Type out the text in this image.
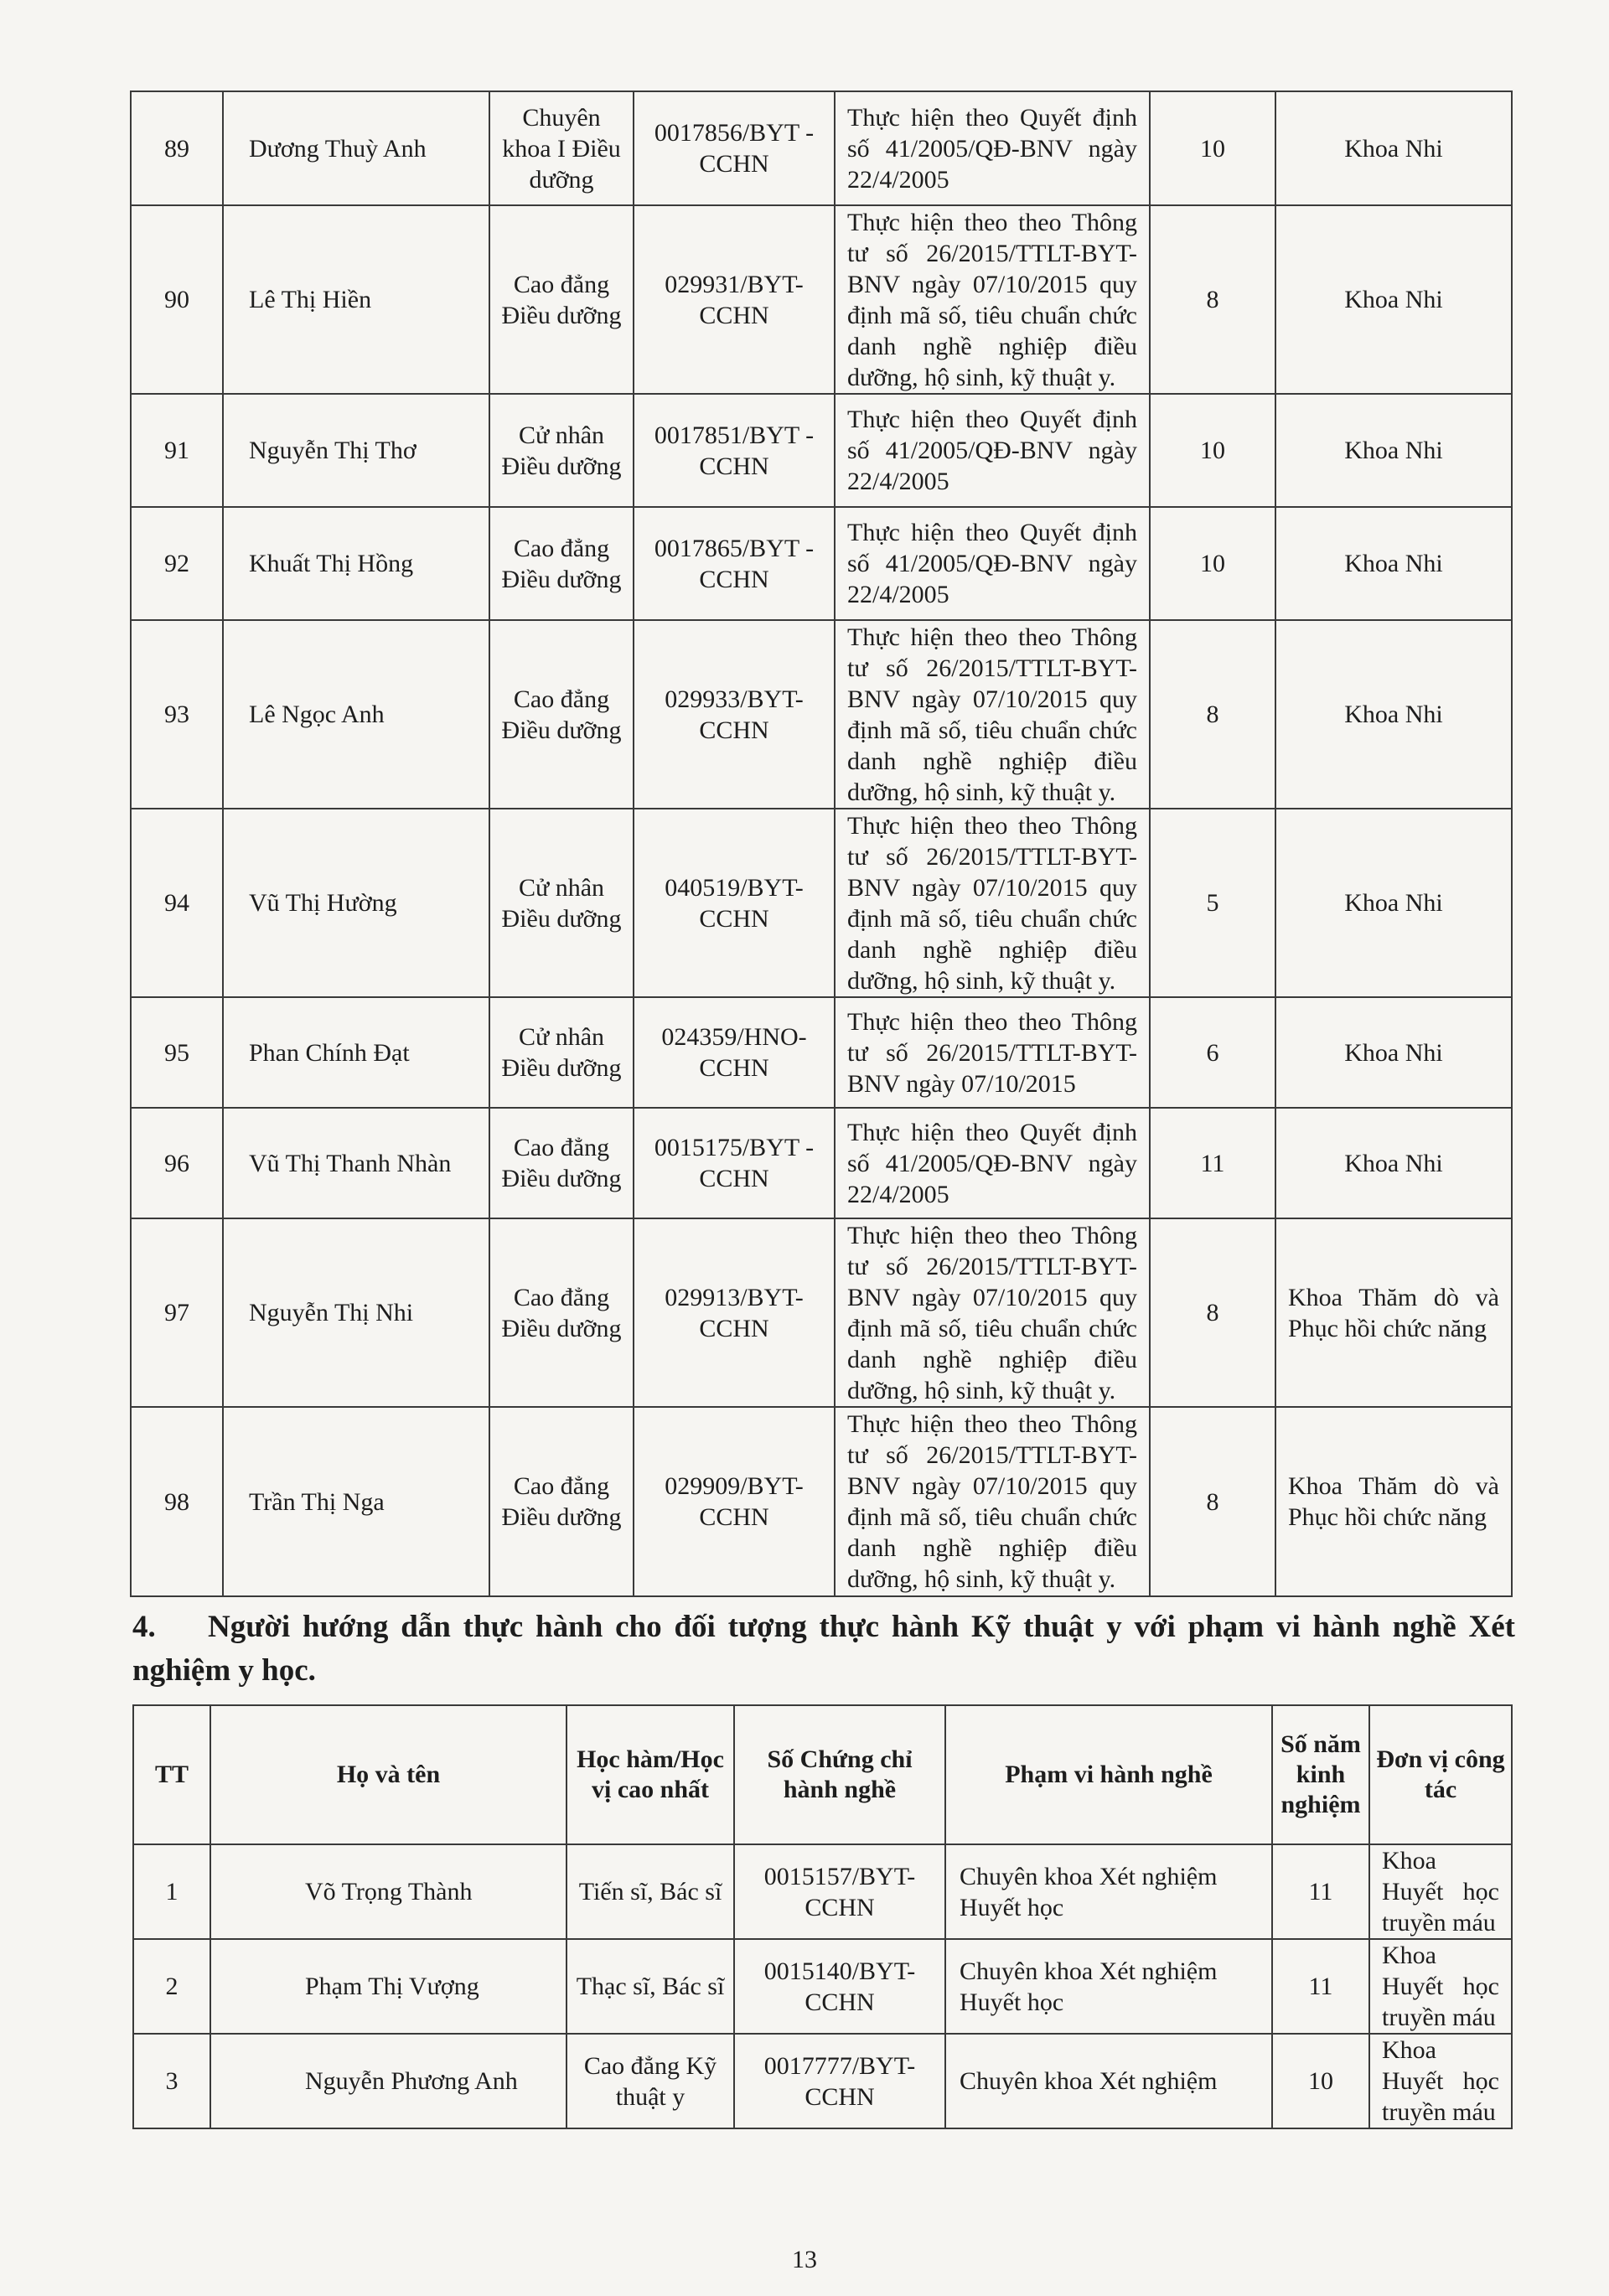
89	Dương Thuỳ Anh	Chuyên khoa I Điều dưỡng	0017856/BYT -CCHN	Thực hiện theo Quyết định số 41/2005/QĐ-BNV ngày 22/4/2005	10	Khoa Nhi
90	Lê Thị Hiền	Cao đẳng Điều dưỡng	029931/BYT-CCHN	Thực hiện theo theo Thông tư số 26/2015/TTLT-BYT-BNV ngày 07/10/2015 quy định mã số, tiêu chuẩn chức danh nghề nghiệp điều dưỡng, hộ sinh, kỹ thuật y.	8	Khoa Nhi
91	Nguyễn Thị Thơ	Cử nhân Điều dưỡng	0017851/BYT -CCHN	Thực hiện theo Quyết định số 41/2005/QĐ-BNV ngày 22/4/2005	10	Khoa Nhi
92	Khuất Thị Hồng	Cao đẳng Điều dưỡng	0017865/BYT -CCHN	Thực hiện theo Quyết định số 41/2005/QĐ-BNV ngày 22/4/2005	10	Khoa Nhi
93	Lê Ngọc Anh	Cao đẳng Điều dưỡng	029933/BYT-CCHN	Thực hiện theo theo Thông tư số 26/2015/TTLT-BYT-BNV ngày 07/10/2015 quy định mã số, tiêu chuẩn chức danh nghề nghiệp điều dưỡng, hộ sinh, kỹ thuật y.	8	Khoa Nhi
94	Vũ Thị Hường	Cử nhân Điều dưỡng	040519/BYT-CCHN	Thực hiện theo theo Thông tư số 26/2015/TTLT-BYT-BNV ngày 07/10/2015 quy định mã số, tiêu chuẩn chức danh nghề nghiệp điều dưỡng, hộ sinh, kỹ thuật y.	5	Khoa Nhi
95	Phan Chính Đạt	Cử nhân Điều dưỡng	024359/HNO-CCHN	Thực hiện theo theo Thông tư số 26/2015/TTLT-BYT-BNV ngày 07/10/2015	6	Khoa Nhi
96	Vũ Thị Thanh Nhàn	Cao đẳng Điều dưỡng	0015175/BYT -CCHN	Thực hiện theo Quyết định số 41/2005/QĐ-BNV ngày 22/4/2005	11	Khoa Nhi
97	Nguyễn Thị Nhi	Cao đẳng Điều dưỡng	029913/BYT-CCHN	Thực hiện theo theo Thông tư số 26/2015/TTLT-BYT-BNV ngày 07/10/2015 quy định mã số, tiêu chuẩn chức danh nghề nghiệp điều dưỡng, hộ sinh, kỹ thuật y.	8	Khoa Thăm dò và Phục hồi chức năng
98	Trần Thị Nga	Cao đẳng Điều dưỡng	029909/BYT-CCHN	Thực hiện theo theo Thông tư số 26/2015/TTLT-BYT-BNV ngày 07/10/2015 quy định mã số, tiêu chuẩn chức danh nghề nghiệp điều dưỡng, hộ sinh, kỹ thuật y.	8	Khoa Thăm dò và Phục hồi chức năng
4. Người hướng dẫn thực hành cho đối tượng thực hành Kỹ thuật y với phạm vi hành nghề Xét nghiệm y học.
TT	Họ và tên	Học hàm/Học vị cao nhất	Số Chứng chỉ hành nghề	Phạm vi hành nghề	Số năm kinh nghiệm	Đơn vị công tác
1	Võ Trọng Thành	Tiến sĩ, Bác sĩ	0015157/BYT-CCHN	Chuyên khoa Xét nghiệm Huyết học	11	Khoa Huyết học truyền máu
2	Phạm Thị Vượng	Thạc sĩ, Bác sĩ	0015140/BYT-CCHN	Chuyên khoa Xét nghiệm Huyết học	11	Khoa Huyết học truyền máu
3	Nguyễn Phương Anh	Cao đẳng Kỹ thuật y	0017777/BYT-CCHN	Chuyên khoa Xét nghiệm	10	Khoa Huyết học truyền máu
13
